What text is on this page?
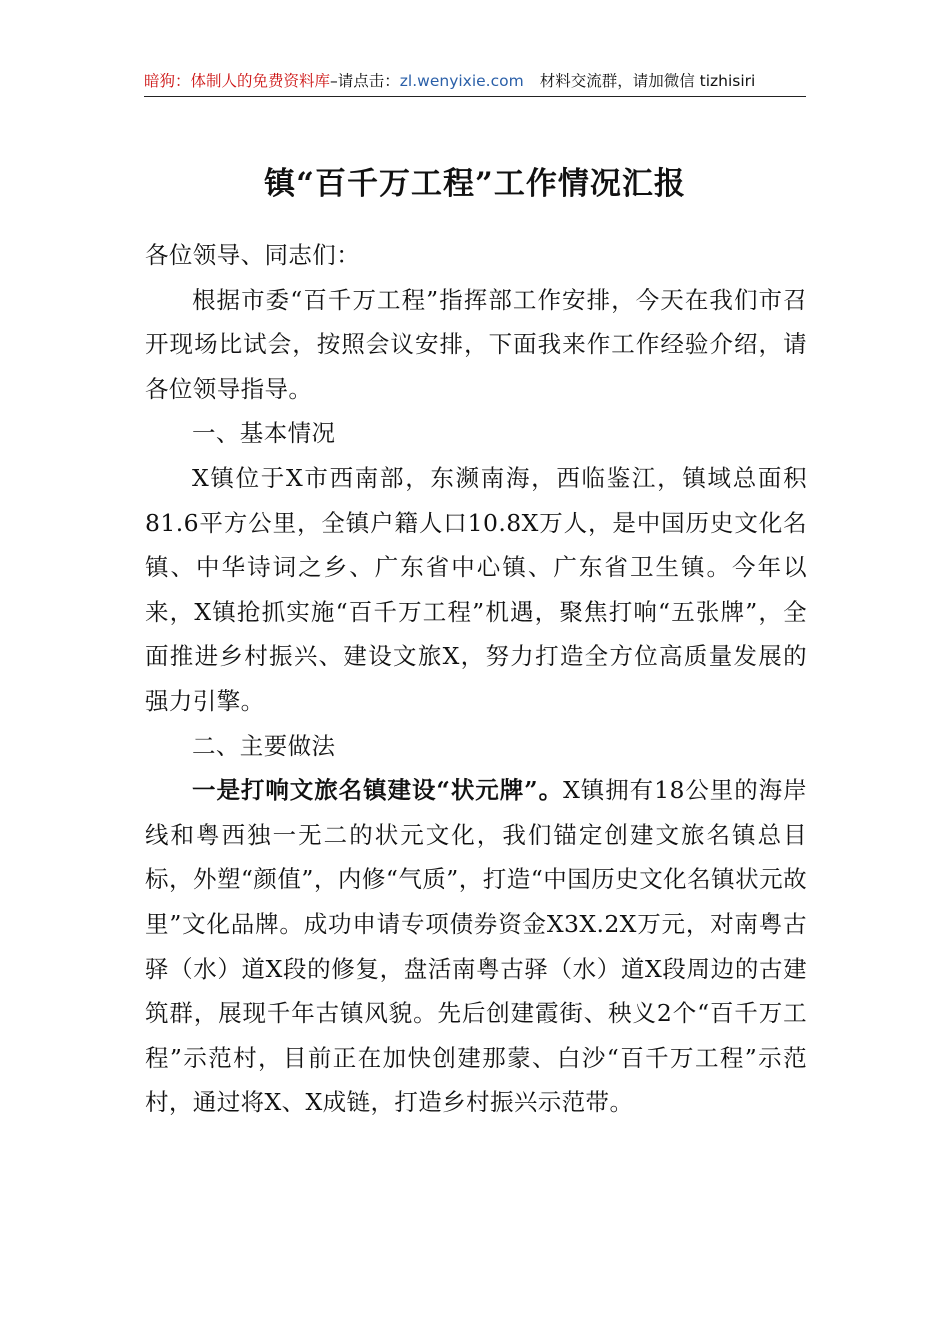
暗狗：体制人的免费资料库–请点击：zl.wenyixie.com 材料交流群，请加微信 tizhisiri
镇“百千万工程”工作情况汇报

各位领导、同志们：

根据市委“百千万工程”指挥部工作安排，今天在我们市召开现场比试会，按照会议安排，下面我来作工作经验介绍，请各位领导指导。

一、基本情况

X镇位于X市西南部，东濒南海，西临鉴江，镇域总面积81.6平方公里，全镇户籍人口10.8X万人，是中国历史文化名镇、中华诗词之乡、广东省中心镇、广东省卫生镇。今年以来，X镇抢抓实施“百千万工程”机遇，聚焦打响“五张牌”，全面推进乡村振兴、建设文旅X，努力打造全方位高质量发展的强力引擎。

二、主要做法

一是打响文旅名镇建设“状元牌”。X镇拥有18公里的海岸线和粤西独一无二的状元文化，我们锚定创建文旅名镇总目标，外塑“颜值”，内修“气质”，打造“中国历史文化名镇状元故里”文化品牌。成功申请专项债券资金X3X.2X万元，对南粤古驿（水）道X段的修复，盘活南粤古驿（水）道X段周边的古建筑群，展现千年古镇风貌。先后创建霞街、秧义2个“百千万工程”示范村，目前正在加快创建那蒙、白沙“百千万工程”示范村，通过将X、X成链，打造乡村振兴示范带。
